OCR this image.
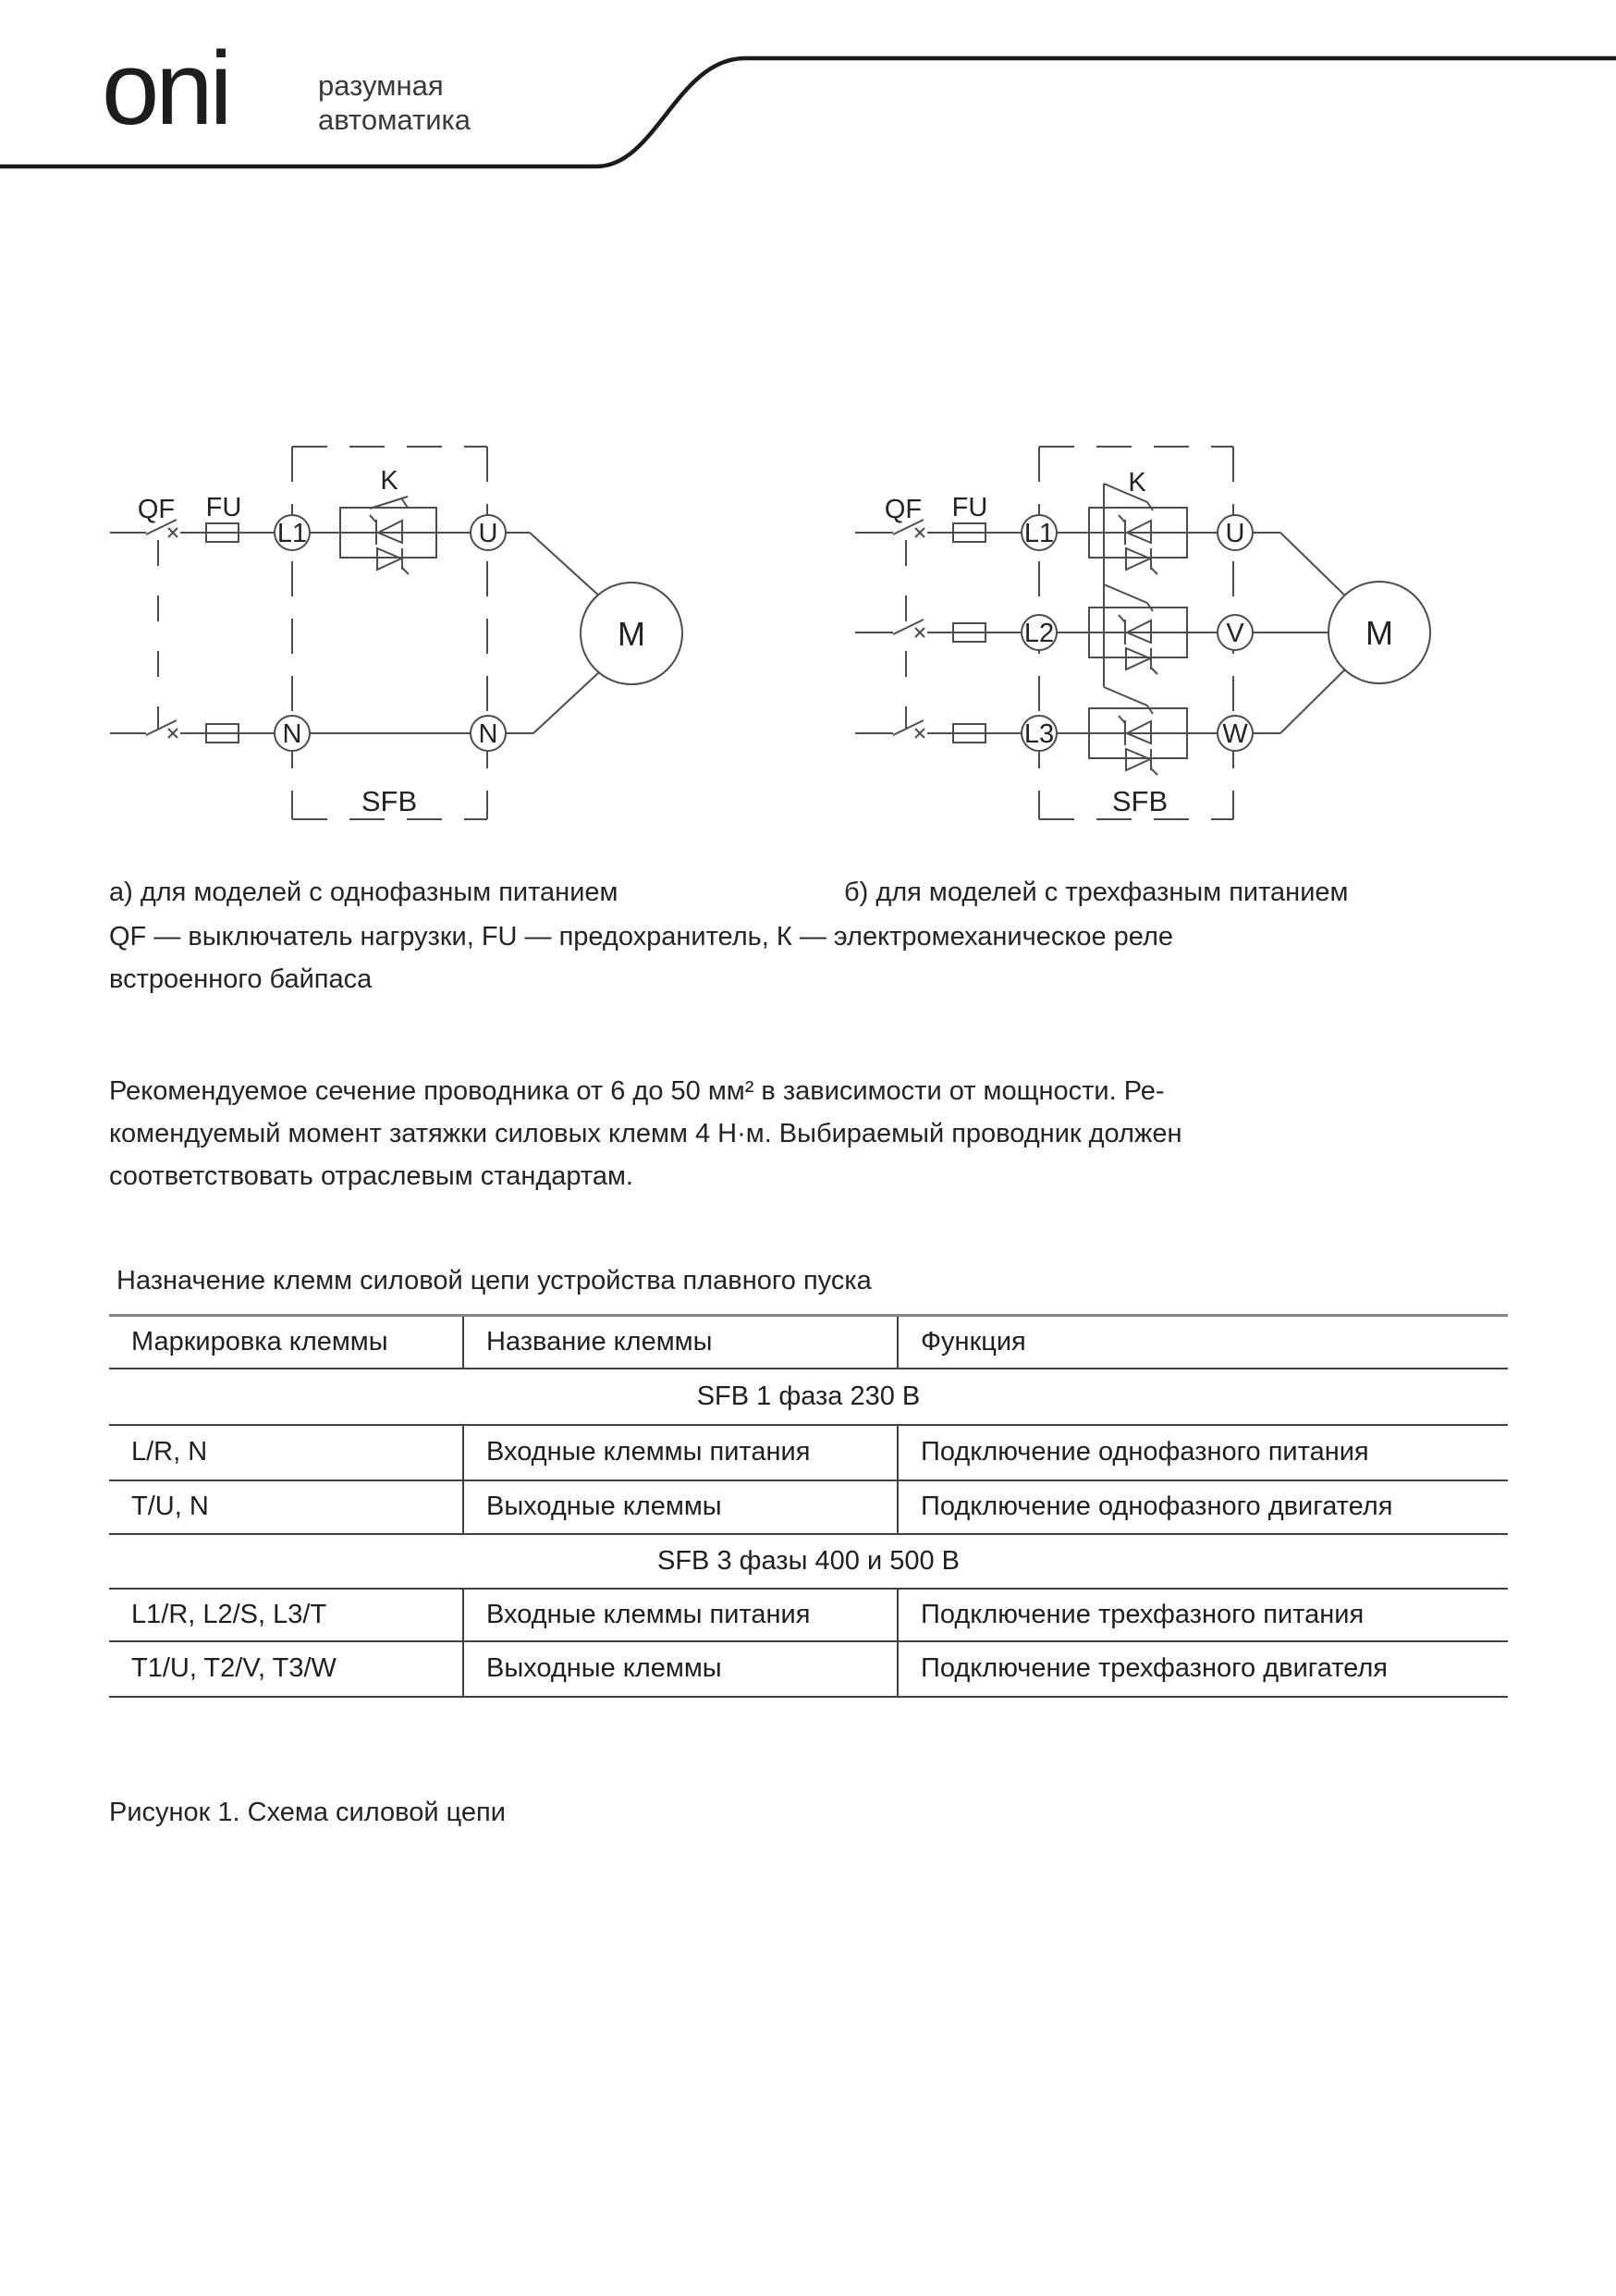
oni	разумная
автоматика
QF FU
K
L1	U
N	N
M
SFB
QF FU
K
L1
L2
L3
U
V
W
M
SFB
а) для моделей с однофазным питанием	б) для моделей с трехфазным питанием
QF — выключатель нагрузки, FU — предохранитель, К — электромеханическое реле
встроенного байпаса
Рекомендуемое сечение проводника от 6 до 50 мм² в зависимости от мощности. Ре-
комендуемый момент затяжки силовых клемм 4 Н·м. Выбираемый проводник должен
соответствовать отраслевым стандартам.
Назначение клемм силовой цепи устройства плавного пуска
Маркировка клеммы	Название клеммы	Функция
SFB 1 фаза 230 В		
L/R, N	Входные клеммы питания	Подключение однофазного питания
T/U, N	Выходные клеммы	Подключение однофазного двигателя
SFB 3 фазы 400 и 500 В		
L1/R, L2/S, L3/T	Входные клеммы питания	Подключение трехфазного питания
T1/U, T2/V, T3/W	Выходные клеммы	Подключение трехфазного двигателя
Рисунок 1. Схема силовой цепи
